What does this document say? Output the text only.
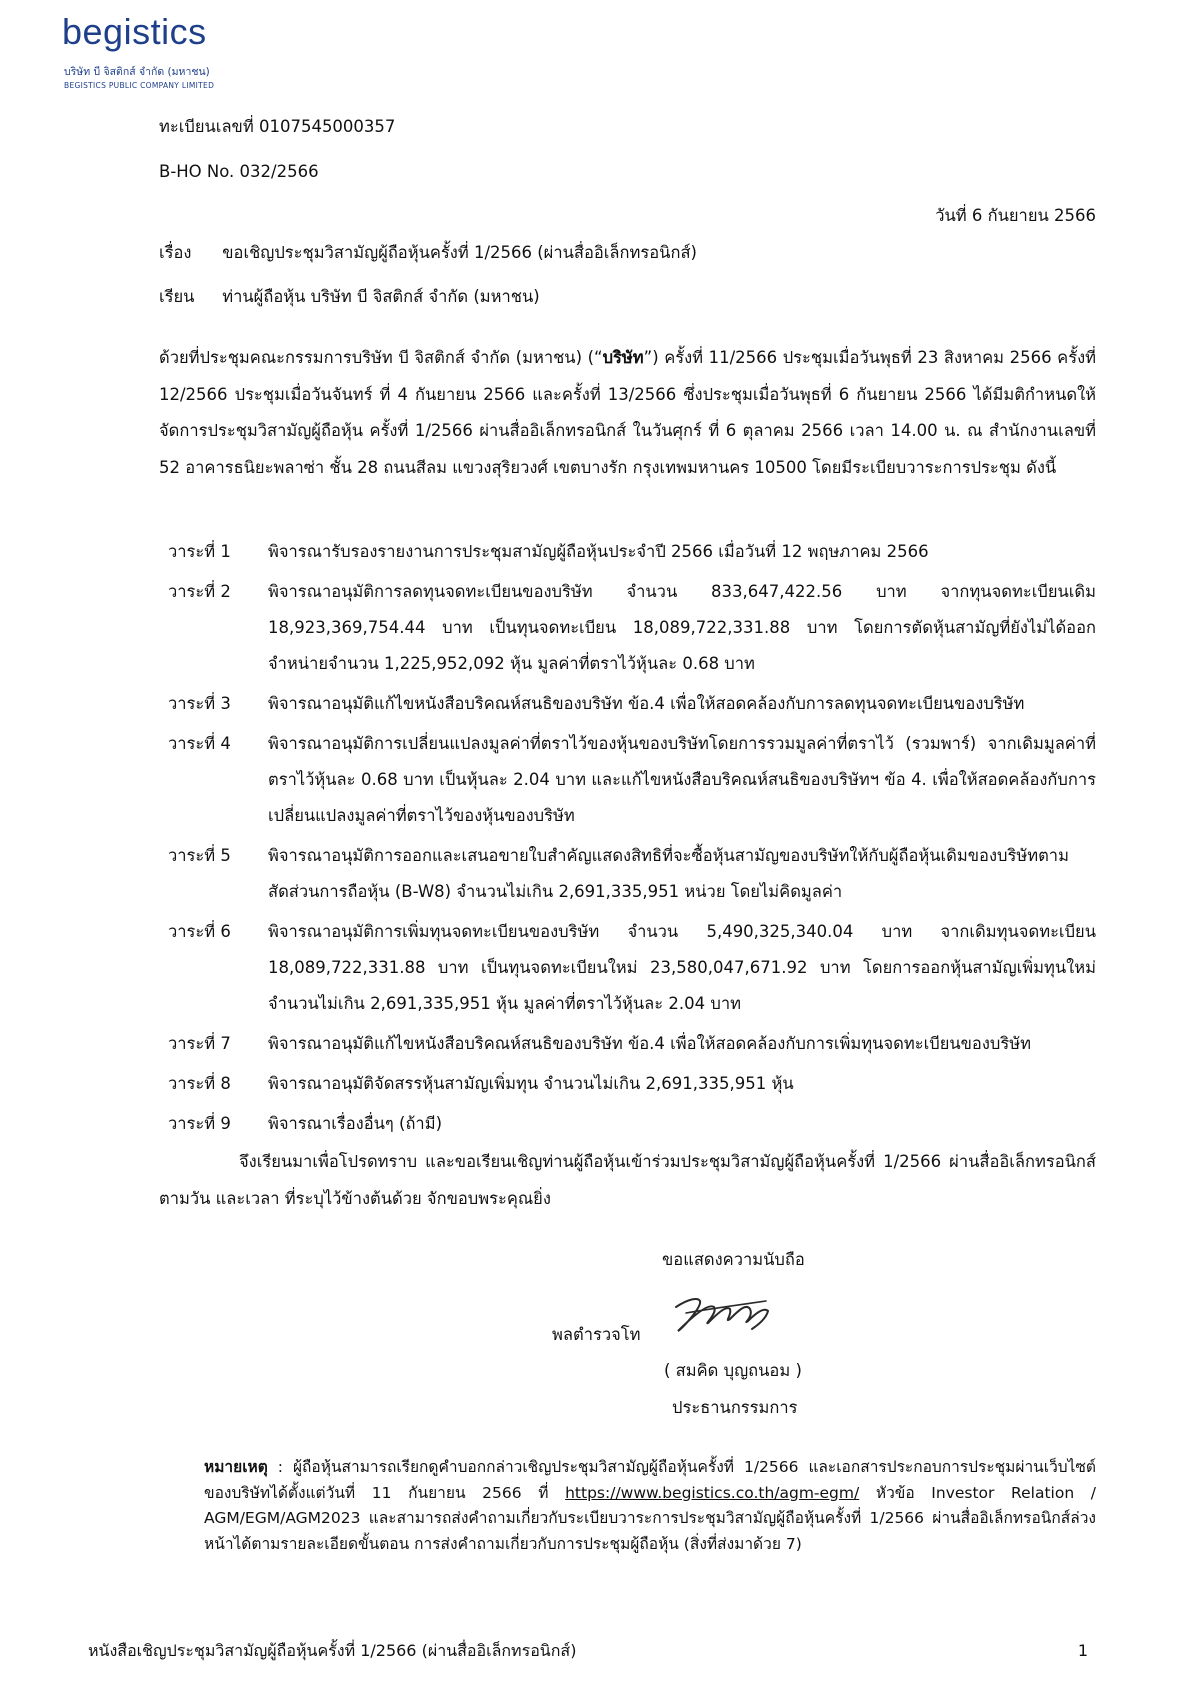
begistics
บริษัท บี จิสติกส์ จำกัด (มหาชน)
BEGISTICS PUBLIC COMPANY LIMITED
ทะเบียนเลขที่ 0107545000357
B-HO No. 032/2566
วันที่ 6 กันยายน 2566
เรื่อง ขอเชิญประชุมวิสามัญผู้ถือหุ้นครั้งที่ 1/2566 (ผ่านสื่ออิเล็กทรอนิกส์)
เรียน ท่านผู้ถือหุ้น บริษัท บี จิสติกส์ จำกัด (มหาชน)
ด้วยที่ประชุมคณะกรรมการบริษัท บี จิสติกส์ จำกัด (มหาชน) (“บริษัท”) ครั้งที่ 11/2566 ประชุมเมื่อวันพุธที่ 23 สิงหาคม 2566 ครั้งที่ 12/2566 ประชุมเมื่อวันจันทร์ ที่ 4 กันยายน 2566 และครั้งที่ 13/2566 ซึ่งประชุมเมื่อวันพุธที่ 6 กันยายน 2566 ได้มีมติกำหนดให้จัดการประชุมวิสามัญผู้ถือหุ้น ครั้งที่ 1/2566 ผ่านสื่ออิเล็กทรอนิกส์ ในวันศุกร์ ที่ 6 ตุลาคม 2566 เวลา 14.00 น. ณ สำนักงานเลขที่ 52 อาคารธนิยะพลาซ่า ชั้น 28 ถนนสีลม แขวงสุริยวงศ์ เขตบางรัก กรุงเทพมหานคร 10500 โดยมีระเบียบวาระการประชุม ดังนี้
วาระที่ 1	พิจารณารับรองรายงานการประชุมสามัญผู้ถือหุ้นประจำปี 2566 เมื่อวันที่ 12 พฤษภาคม 2566
วาระที่ 2	พิจารณาอนุมัติการลดทุนจดทะเบียนของบริษัท จำนวน 833,647,422.56 บาท จากทุนจดทะเบียนเดิม 18,923,369,754.44 บาท เป็นทุนจดทะเบียน 18,089,722,331.88 บาท โดยการตัดหุ้นสามัญที่ยังไม่ได้ออกจำหน่ายจำนวน 1,225,952,092 หุ้น มูลค่าที่ตราไว้หุ้นละ 0.68 บาท
วาระที่ 3	พิจารณาอนุมัติแก้ไขหนังสือบริคณห์สนธิของบริษัท ข้อ.4 เพื่อให้สอดคล้องกับการลดทุนจดทะเบียนของบริษัท
วาระที่ 4	พิจารณาอนุมัติการเปลี่ยนแปลงมูลค่าที่ตราไว้ของหุ้นของบริษัทโดยการรวมมูลค่าที่ตราไว้ (รวมพาร์) จากเดิมมูลค่าที่ตราไว้หุ้นละ 0.68 บาท เป็นหุ้นละ 2.04 บาท และแก้ไขหนังสือบริคณห์สนธิของบริษัทฯ ข้อ 4. เพื่อให้สอดคล้องกับการเปลี่ยนแปลงมูลค่าที่ตราไว้ของหุ้นของบริษัท
วาระที่ 5	พิจารณาอนุมัติการออกและเสนอขายใบสำคัญแสดงสิทธิที่จะซื้อหุ้นสามัญของบริษัทให้กับผู้ถือหุ้นเดิมของบริษัทตามสัดส่วนการถือหุ้น (B-W8) จำนวนไม่เกิน 2,691,335,951 หน่วย โดยไม่คิดมูลค่า
วาระที่ 6	พิจารณาอนุมัติการเพิ่มทุนจดทะเบียนของบริษัท จำนวน 5,490,325,340.04 บาท จากเดิมทุนจดทะเบียน 18,089,722,331.88 บาท เป็นทุนจดทะเบียนใหม่ 23,580,047,671.92 บาท โดยการออกหุ้นสามัญเพิ่มทุนใหม่จำนวนไม่เกิน 2,691,335,951 หุ้น มูลค่าที่ตราไว้หุ้นละ 2.04 บาท
วาระที่ 7	พิจารณาอนุมัติแก้ไขหนังสือบริคณห์สนธิของบริษัท ข้อ.4 เพื่อให้สอดคล้องกับการเพิ่มทุนจดทะเบียนของบริษัท
วาระที่ 8	พิจารณาอนุมัติจัดสรรหุ้นสามัญเพิ่มทุน จำนวนไม่เกิน 2,691,335,951 หุ้น
วาระที่ 9	พิจารณาเรื่องอื่นๆ (ถ้ามี)
จึงเรียนมาเพื่อโปรดทราบ และขอเรียนเชิญท่านผู้ถือหุ้นเข้าร่วมประชุมวิสามัญผู้ถือหุ้นครั้งที่ 1/2566 ผ่านสื่ออิเล็กทรอนิกส์ ตามวัน และเวลา ที่ระบุไว้ข้างต้นด้วย จักขอบพระคุณยิ่ง
ขอแสดงความนับถือ
พลตำรวจโท
( สมคิด บุญถนอม )
ประธานกรรมการ
หมายเหตุ : ผู้ถือหุ้นสามารถเรียกดูคำบอกกล่าวเชิญประชุมวิสามัญผู้ถือหุ้นครั้งที่ 1/2566 และเอกสารประกอบการประชุมผ่านเว็บไซต์ของบริษัทได้ตั้งแต่วันที่ 11 กันยายน 2566 ที่ https://www.begistics.co.th/agm-egm/ หัวข้อ Investor Relation / AGM/EGM/AGM2023 และสามารถส่งคำถามเกี่ยวกับระเบียบวาระการประชุมวิสามัญผู้ถือหุ้นครั้งที่ 1/2566 ผ่านสื่ออิเล็กทรอนิกส์ล่วงหน้าได้ตามรายละเอียดขั้นตอน การส่งคำถามเกี่ยวกับการประชุมผู้ถือหุ้น (สิ่งที่ส่งมาด้วย 7)
หนังสือเชิญประชุมวิสามัญผู้ถือหุ้นครั้งที่ 1/2566 (ผ่านสื่ออิเล็กทรอนิกส์)	1
